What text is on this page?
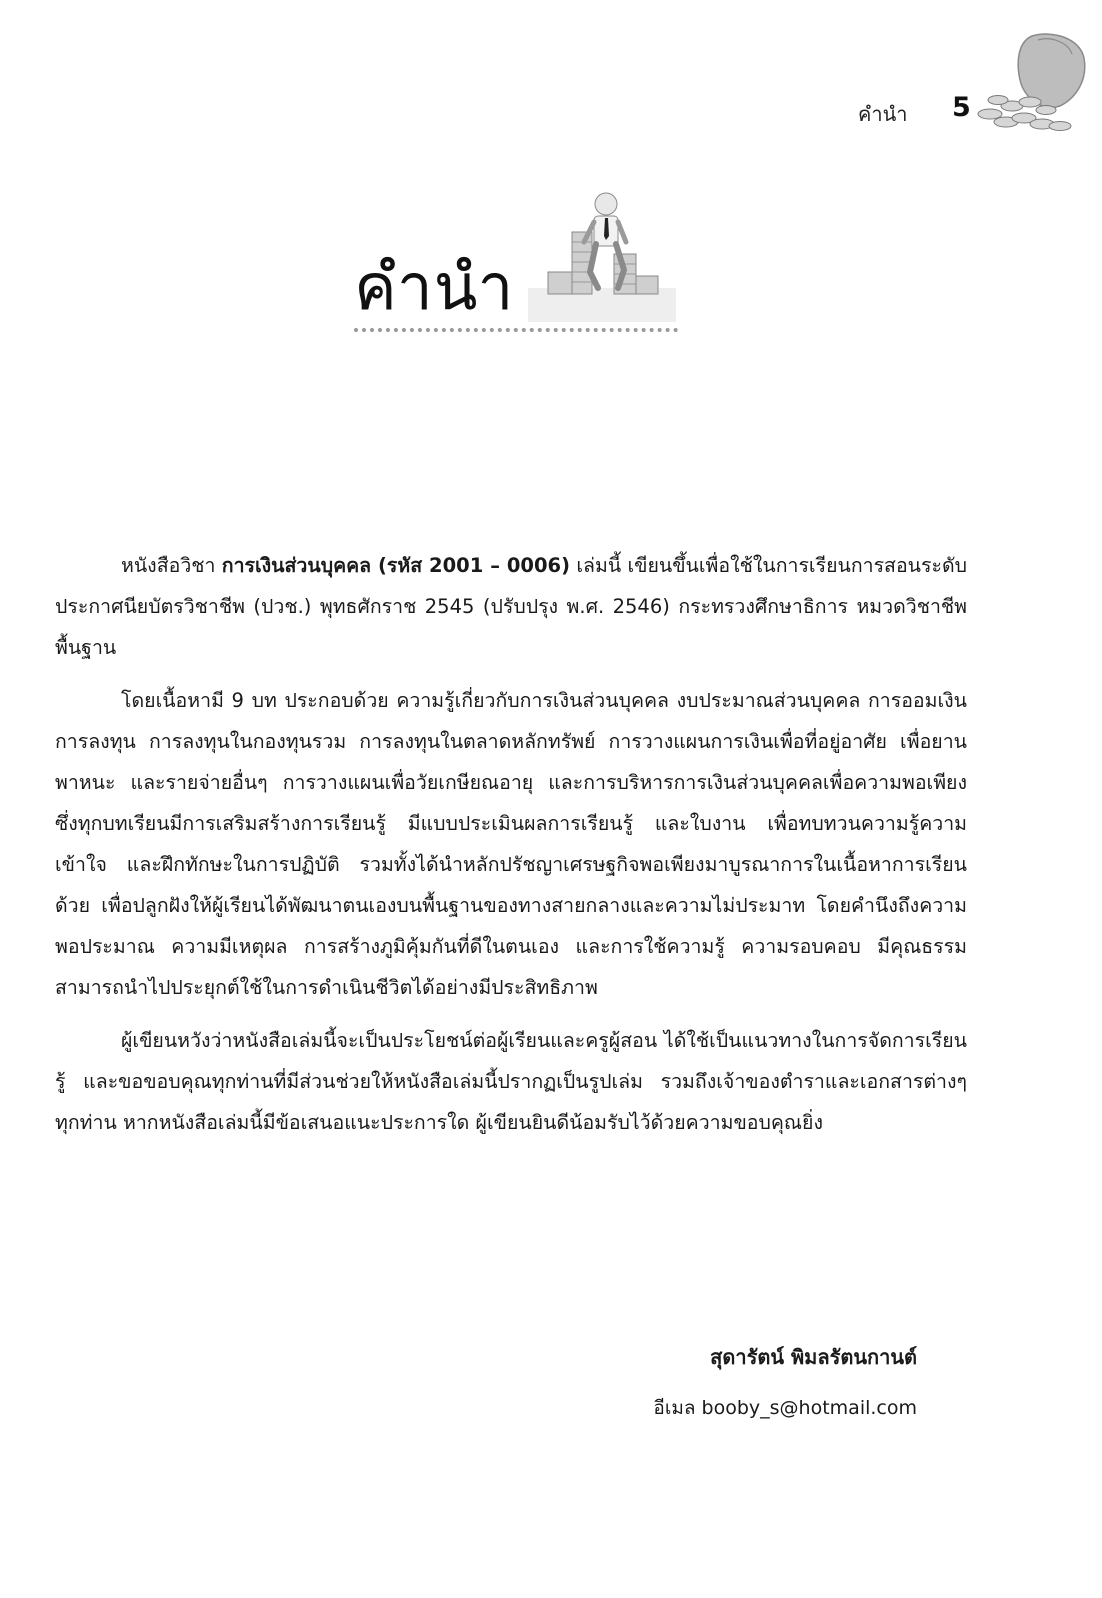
คำนำ 5
คำนำ

หนังสือวิชา การเงินส่วนบุคคล (รหัส 2001 – 0006) เล่มนี้ เขียนขึ้นเพื่อใช้ในการเรียนการสอนระดับประกาศนียบัตรวิชาชีพ (ปวช.) พุทธศักราช 2545 (ปรับปรุง พ.ศ. 2546) กระทรวงศึกษาธิการ หมวดวิชาชีพพื้นฐาน

โดยเนื้อหามี 9 บท ประกอบด้วย ความรู้เกี่ยวกับการเงินส่วนบุคคล งบประมาณส่วนบุคคล การออมเงิน การลงทุน การลงทุนในกองทุนรวม การลงทุนในตลาดหลักทรัพย์ การวางแผนการเงินเพื่อที่อยู่อาศัย เพื่อยานพาหนะ และรายจ่ายอื่นๆ การวางแผนเพื่อวัยเกษียณอายุ และการบริหารการเงินส่วนบุคคลเพื่อความพอเพียง ซึ่งทุกบทเรียนมีการเสริมสร้างการเรียนรู้ มีแบบประเมินผลการเรียนรู้ และใบงาน เพื่อทบทวนความรู้ความเข้าใจ และฝึกทักษะในการปฏิบัติ รวมทั้งได้นำหลักปรัชญาเศรษฐกิจพอเพียงมาบูรณาการในเนื้อหาการเรียนด้วย เพื่อปลูกฝังให้ผู้เรียนได้พัฒนาตนเองบนพื้นฐานของทางสายกลางและความไม่ประมาท โดยคำนึงถึงความพอประมาณ ความมีเหตุผล การสร้างภูมิคุ้มกันที่ดีในตนเอง และการใช้ความรู้ ความรอบคอบ มีคุณธรรม สามารถนำไปประยุกต์ใช้ในการดำเนินชีวิตได้อย่างมีประสิทธิภาพ

ผู้เขียนหวังว่าหนังสือเล่มนี้จะเป็นประโยชน์ต่อผู้เรียนและครูผู้สอน ได้ใช้เป็นแนวทางในการจัดการเรียนรู้ และขอขอบคุณทุกท่านที่มีส่วนช่วยให้หนังสือเล่มนี้ปรากฏเป็นรูปเล่ม รวมถึงเจ้าของตำราและเอกสารต่างๆ ทุกท่าน หากหนังสือเล่มนี้มีข้อเสนอแนะประการใด ผู้เขียนยินดีน้อมรับไว้ด้วยความขอบคุณยิ่ง

สุดารัตน์ พิมลรัตนกานต์
อีเมล booby_s@hotmail.com
